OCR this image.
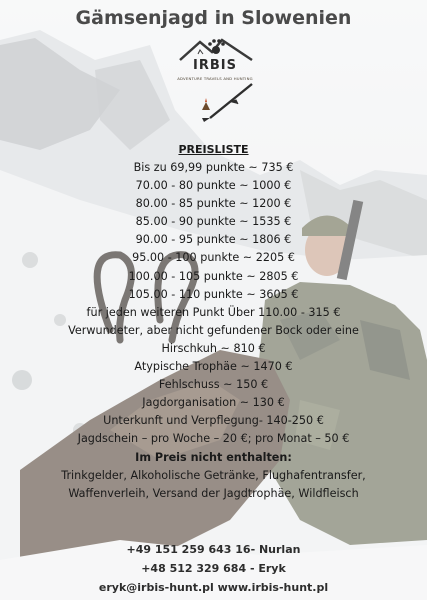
Gämsenjagd in Slowenien
IRBIS
ADVENTURE TRAVELS AND HUNTING
PREISLISTE
Bis zu 69,99 punkte ~ 735 €
70.00 - 80 punkte ~ 1000 €
80.00 - 85 punkte ~ 1200 €
85.00 - 90 punkte ~ 1535 €
90.00 - 95 punkte ~ 1806 €
95.00 - 100 punkte ~ 2205 €
100.00 - 105 punkte ~ 2805 €
105.00 - 110 punkte ~ 3605 €
für jeden weiteren Punkt Über 110.00 - 315 €
Verwundeter, aber nicht gefundener Bock oder eine
Hirschkuh ~ 810 €
Atypische Trophäe ~ 1470 €
Fehlschuss ~ 150 €
Jagdorganisation ~ 130 €
Unterkunft und Verpflegung- 140-250 €
Jagdschein – pro Woche – 20 €; pro Monat – 50 €
Im Preis nicht enthalten:
Trinkgelder, Alkoholische Getränke, Flughafentransfer,
Waffenverleih, Versand der Jagdtrophäe, Wildfleisch
+49 151 259 643 16- Nurlan
+48 512 329 684 - Eryk
eryk@irbis-hunt.pl www.irbis-hunt.pl
